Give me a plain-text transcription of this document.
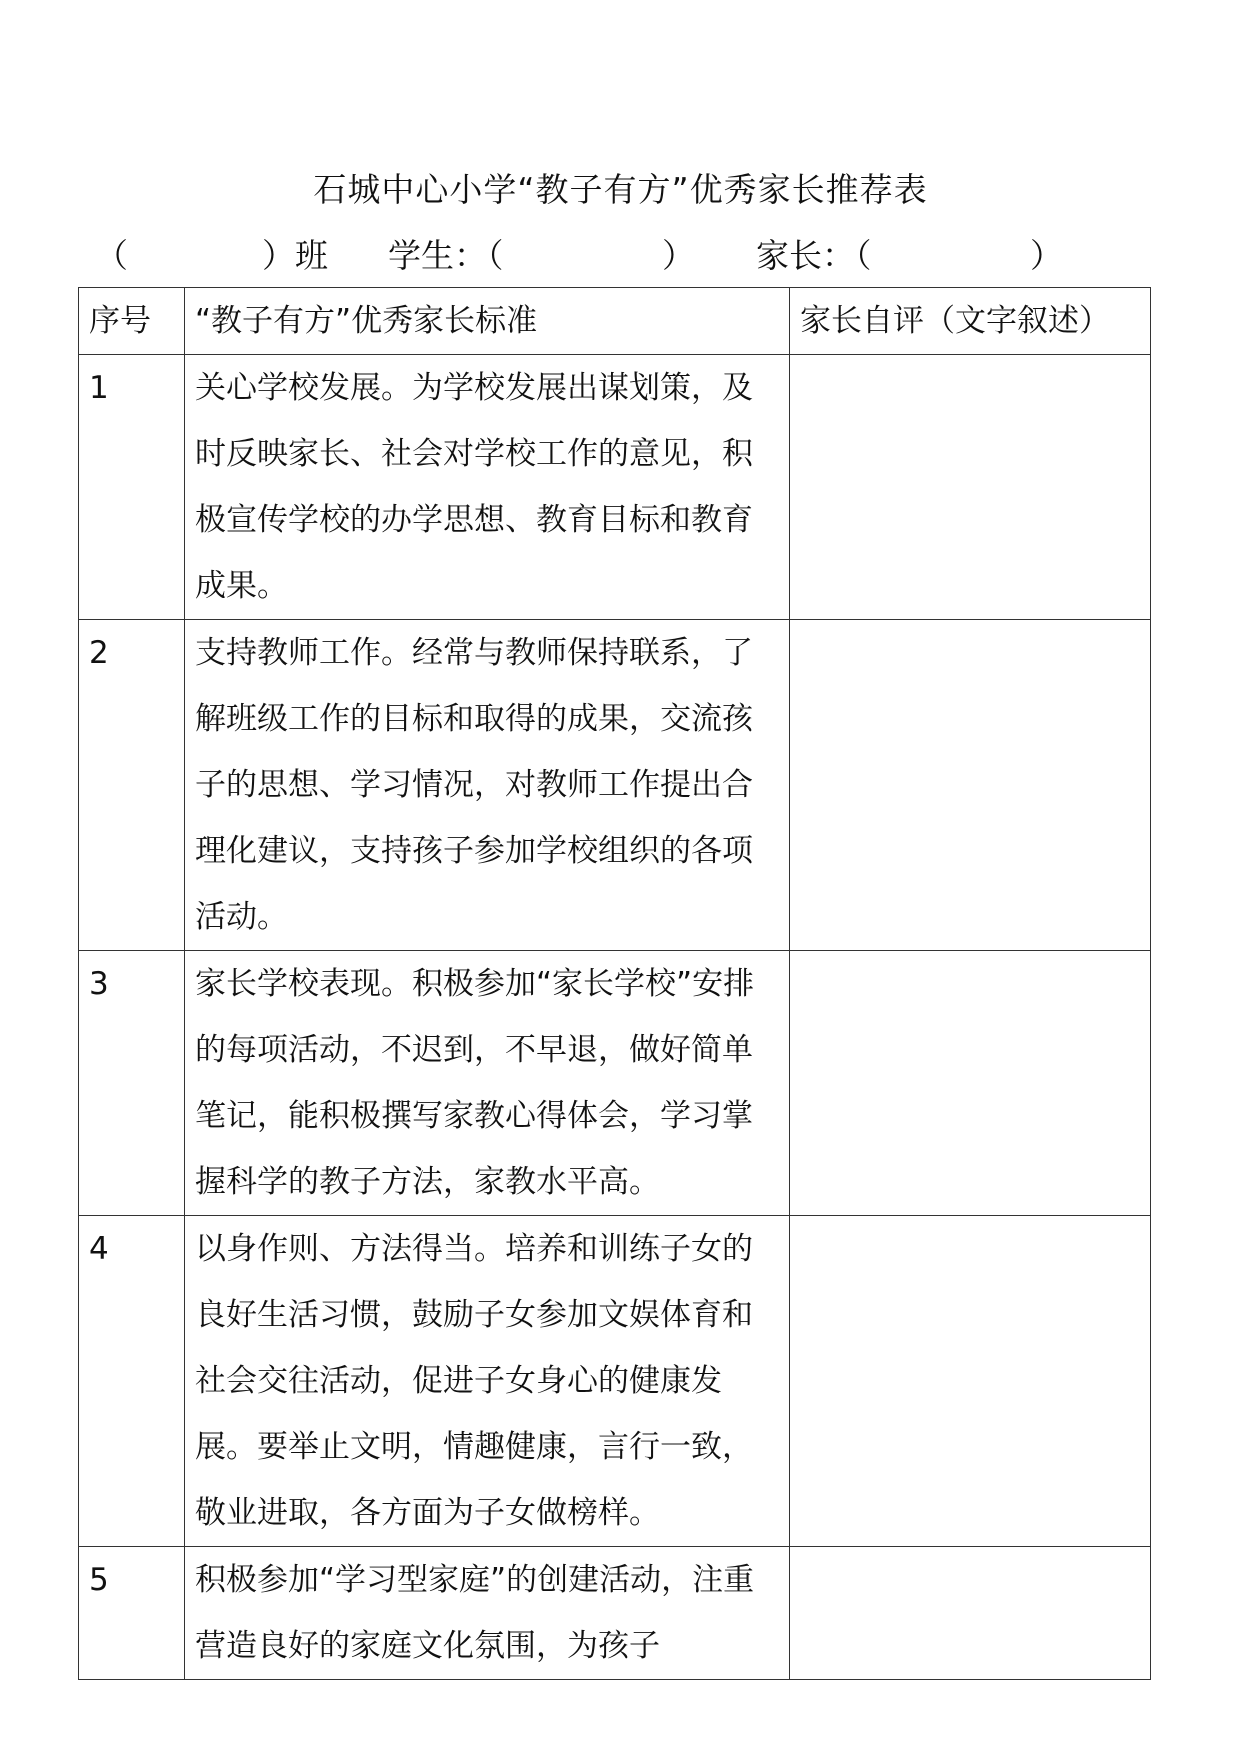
石城中心小学“教子有方”优秀家长推荐表
（	）班 学生：（	） 家长：（	）
序号	“教子有方”优秀家长标准	家长自评（文字叙述）
1	关心学校发展。为学校发展出谋划策，及时反映家长、社会对学校工作的意见，积极宣传学校的办学思想、教育目标和教育成果。	
2	支持教师工作。经常与教师保持联系，了解班级工作的目标和取得的成果，交流孩子的思想、学习情况，对教师工作提出合理化建议，支持孩子参加学校组织的各项活动。	
3	家长学校表现。积极参加“家长学校”安排的每项活动，不迟到，不早退，做好简单笔记，能积极撰写家教心得体会，学习掌握科学的教子方法，家教水平高。	
4	以身作则、方法得当。培养和训练子女的良好生活习惯，鼓励子女参加文娱体育和社会交往活动，促进子女身心的健康发展。要举止文明，情趣健康，言行一致，敬业进取，各方面为子女做榜样。	
5	积极参加“学习型家庭”的创建活动，注重营造良好的家庭文化氛围，为孩子	
